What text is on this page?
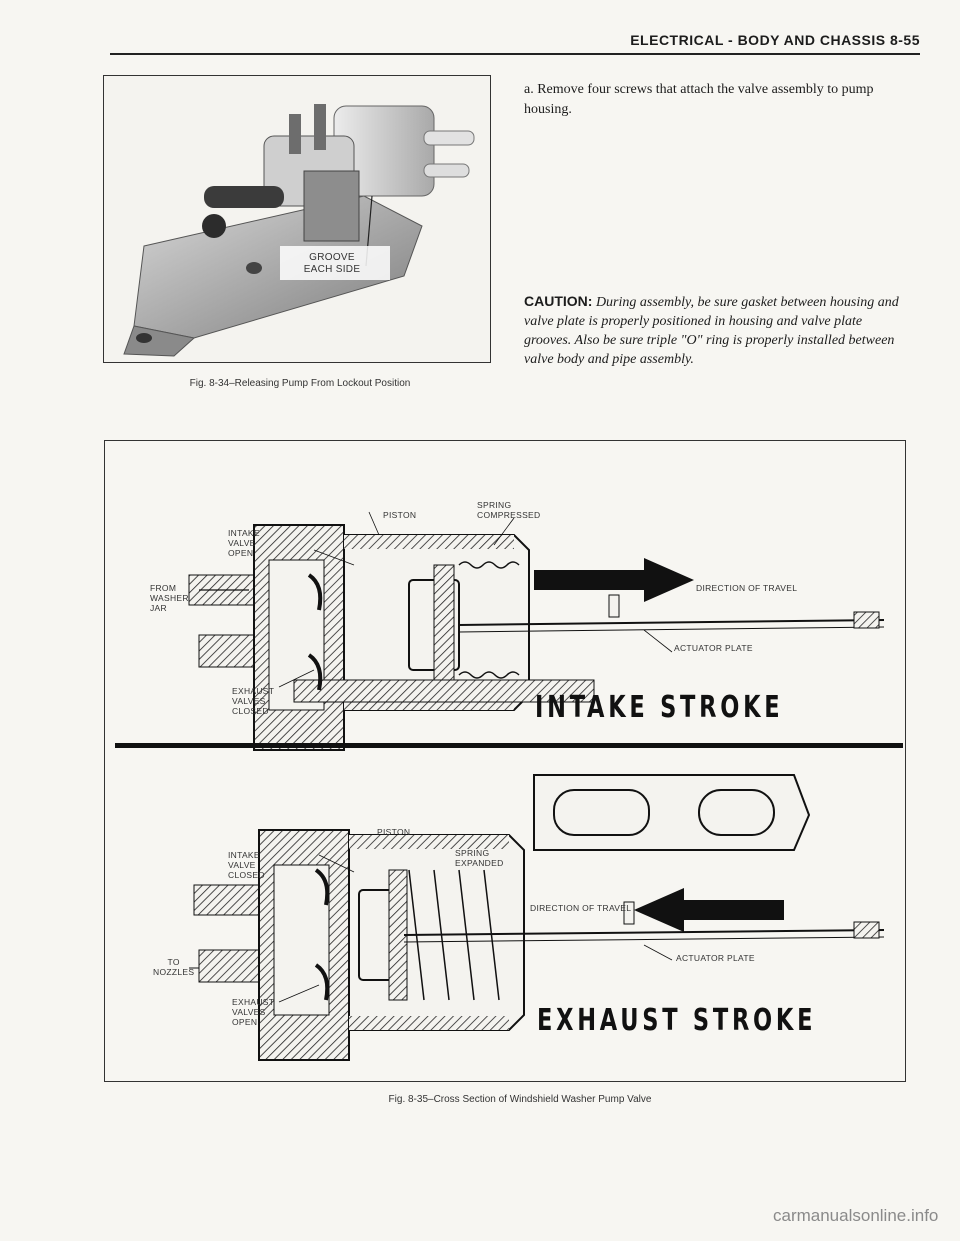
ELECTRICAL - BODY AND CHASSIS 8-55
GROOVE
EACH SIDE
Fig. 8-34–Releasing Pump From Lockout Position
a. Remove four screws that attach the valve assembly to pump housing.
CAUTION: During assembly, be sure gasket between housing and valve plate is properly positioned in housing and valve plate grooves. Also be sure triple "O" ring is properly installed between valve body and pipe assembly.
PISTON
SPRING
COMPRESSED
INTAKE
VALVE
OPEN
FROM
WASHER
JAR
EXHAUST
VALVES
CLOSED
DIRECTION OF TRAVEL
ACTUATOR PLATE
INTAKE STROKE
PISTON
SPRING
EXPANDED
INTAKE
VALVE
CLOSED
TO
NOZZLES
EXHAUST
VALVES
OPEN
DIRECTION OF TRAVEL
ACTUATOR PLATE
EXHAUST STROKE
Fig. 8-35–Cross Section of Windshield Washer Pump Valve
carmanualsonline.info
